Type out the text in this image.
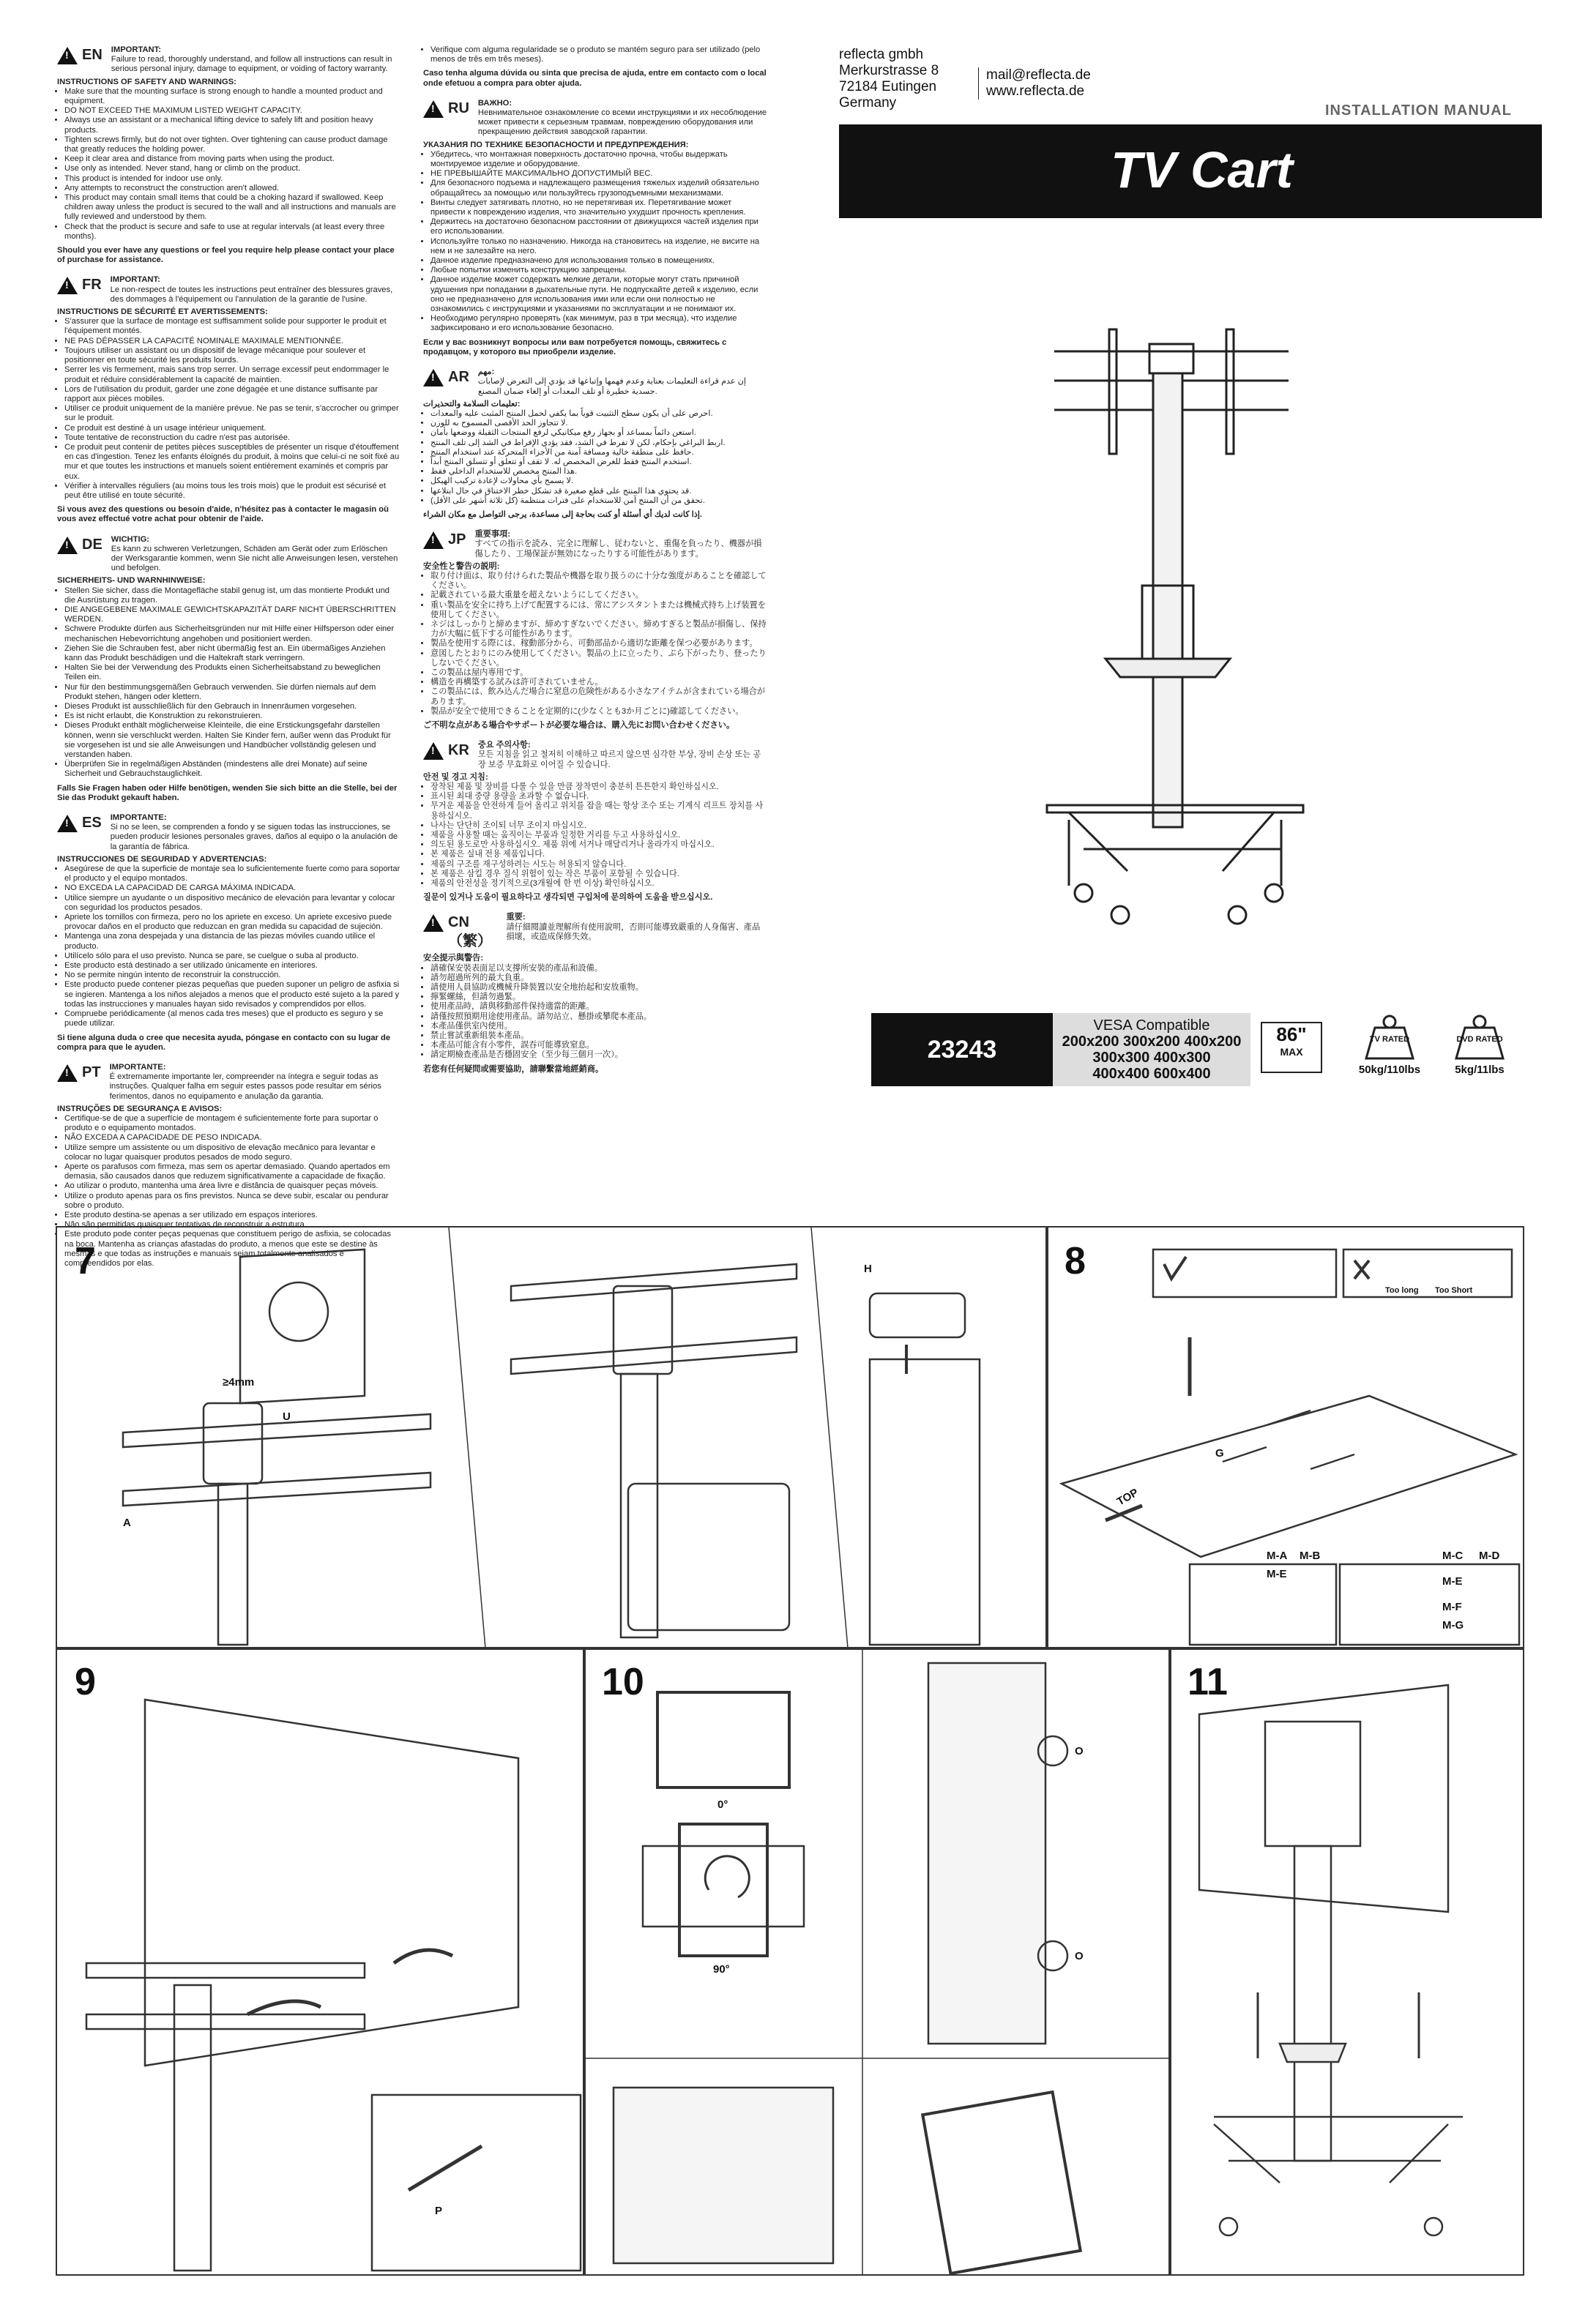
!
EN IMPORTANT:
Failure to read, thoroughly understand, and follow all instructions can result in serious personal injury, damage to equipment, or voiding of factory warranty.
INSTRUCTIONS OF SAFETY AND WARNINGS:
• Make sure that the mounting surface is strong enough to handle a mounted product and equipment.
• DO NOT EXCEED THE MAXIMUM LISTED WEIGHT CAPACITY.
• Always use an assistant or a mechanical lifting device to safely lift and position heavy products.
• Tighten screws firmly, but do not over tighten. Over tightening can cause product damage that greatly reduces the holding power.
• Keep it clear area and distance from moving parts when using the product.
• Use only as intended. Never stand, hang or climb on the product.
• This product is intended for indoor use only.
• Any attempts to reconstruct the construction aren't allowed.
• This product may contain small items that could be a choking hazard if swallowed. Keep children away unless the product is secured to the wall and all instructions and manuals are fully reviewed and understood by them.
• Check that the product is secure and safe to use at regular intervals (at least every three months).
Should you ever have any questions or feel you require help please contact your place of purchase for assistance.
!
FR IMPORTANT:
Le non-respect de toutes les instructions peut entraîner des blessures graves, des dommages à l'équipement ou l'annulation de la garantie de l'usine.
INSTRUCTIONS DE SÉCURITÉ ET AVERTISSEMENTS:
• S'assurer que la surface de montage est suffisamment solide pour supporter le produit et l'équipement montés.
• NE PAS DÉPASSER LA CAPACITÉ NOMINALE MAXIMALE MENTIONNÉE.
• Toujours utiliser un assistant ou un dispositif de levage mécanique pour soulever et positionner en toute sécurité les produits lourds.
• Serrer les vis fermement, mais sans trop serrer. Un serrage excessif peut endommager le produit et réduire considérablement la capacité de maintien.
• Lors de l'utilisation du produit, garder une zone dégagée et une distance suffisante par rapport aux pièces mobiles.
• Utiliser ce produit uniquement de la manière prévue. Ne pas se tenir, s'accrocher ou grimper sur le produit.
• Ce produit est destiné à un usage intérieur uniquement.
• Toute tentative de reconstruction du cadre n'est pas autorisée.
• Ce produit peut contenir de petites pièces susceptibles de présenter un risque d'étouffement en cas d'ingestion. Tenez les enfants éloignés du produit, à moins que celui-ci ne soit fixé au mur et que toutes les instructions et manuels soient entièrement examinés et compris par eux.
• Vérifier à intervalles réguliers (au moins tous les trois mois) que le produit est sécurisé et peut être utilisé en toute sécurité.
Si vous avez des questions ou besoin d'aide, n'hésitez pas à contacter le magasin où vous avez effectué votre achat pour obtenir de l'aide.
!
DE WICHTIG:
Es kann zu schweren Verletzungen, Schäden am Gerät oder zum Erlöschen der Werksgarantie kommen, wenn Sie nicht alle Anweisungen lesen, verstehen und befolgen.
SICHERHEITS- UND WARNHINWEISE:
• Stellen Sie sicher, dass die Montagefläche stabil genug ist, um das montierte Produkt und die Ausrüstung zu tragen.
• DIE ANGEGEBENE MAXIMALE GEWICHTSKAPAZITÄT DARF NICHT ÜBERSCHRITTEN WERDEN.
• Schwere Produkte dürfen aus Sicherheitsgründen nur mit Hilfe einer Hilfsperson oder einer mechanischen Hebevorrichtung angehoben und positioniert werden.
• Ziehen Sie die Schrauben fest, aber nicht übermäßig fest an. Ein übermäßiges Anziehen kann das Produkt beschädigen und die Haltekraft stark verringern.
• Halten Sie bei der Verwendung des Produkts einen Sicherheitsabstand zu beweglichen Teilen ein.
• Nur für den bestimmungsgemäßen Gebrauch verwenden. Sie dürfen niemals auf dem Produkt stehen, hängen oder klettern.
• Dieses Produkt ist ausschließlich für den Gebrauch in Innenräumen vorgesehen.
• Es ist nicht erlaubt, die Konstruktion zu rekonstruieren.
• Dieses Produkt enthält möglicherweise Kleinteile, die eine Erstickungsgefahr darstellen können, wenn sie verschluckt werden. Halten Sie Kinder fern, außer wenn das Produkt für sie vorgesehen ist und sie alle Anweisungen und Handbücher vollständig gelesen und verstanden haben.
• Überprüfen Sie in regelmäßigen Abständen (mindestens alle drei Monate) auf seine Sicherheit und Gebrauchstauglichkeit.
Falls Sie Fragen haben oder Hilfe benötigen, wenden Sie sich bitte an die Stelle, bei der Sie das Produkt gekauft haben.
!
ES IMPORTANTE:
Si no se leen, se comprenden a fondo y se siguen todas las instrucciones, se pueden producir lesiones personales graves, daños al equipo o la anulación de la garantía de fábrica.
INSTRUCCIONES DE SEGURIDAD Y ADVERTENCIAS:
• Asegúrese de que la superficie de montaje sea lo suficientemente fuerte como para soportar el producto y el equipo montados.
• NO EXCEDA LA CAPACIDAD DE CARGA MÁXIMA INDICADA.
• Utilice siempre un ayudante o un dispositivo mecánico de elevación para levantar y colocar con seguridad los productos pesados.
• Apriete los tornillos con firmeza, pero no los apriete en exceso. Un apriete excesivo puede provocar daños en el producto que reduzcan en gran medida su capacidad de sujeción.
• Mantenga una zona despejada y una distancia de las piezas móviles cuando utilice el producto.
• Utilícelo sólo para el uso previsto. Nunca se pare, se cuelgue o suba al producto.
• Este producto está destinado a ser utilizado únicamente en interiores.
• No se permite ningún intento de reconstruir la construcción.
• Este producto puede contener piezas pequeñas que pueden suponer un peligro de asfixia si se ingieren. Mantenga a los niños alejados a menos que el producto esté sujeto a la pared y todas las instrucciones y manuales hayan sido revisados y comprendidos por ellos.
• Compruebe periódicamente (al menos cada tres meses) que el producto es seguro y se puede utilizar.
Si tiene alguna duda o cree que necesita ayuda, póngase en contacto con su lugar de compra para que le ayuden.
!
PT IMPORTANTE:
É extremamente importante ler, compreender na íntegra e seguir todas as instruções. Qualquer falha em seguir estes passos pode resultar em sérios ferimentos, danos no equipamento e anulação da garantia.
INSTRUÇÕES DE SEGURANÇA E AVISOS:
• Certifique-se de que a superfície de montagem é suficientemente forte para suportar o produto e o equipamento montados.
• NÃO EXCEDA A CAPACIDADE DE PESO INDICADA.
• Utilize sempre um assistente ou um dispositivo de elevação mecânico para levantar e colocar no lugar quaisquer produtos pesados de modo seguro.
• Aperte os parafusos com firmeza, mas sem os apertar demasiado. Quando apertados em demasia, são causados danos que reduzem significativamente a capacidade de fixação.
• Ao utilizar o produto, mantenha uma área livre e distância de quaisquer peças móveis.
• Utilize o produto apenas para os fins previstos. Nunca se deve subir, escalar ou pendurar sobre o produto.
• Este produto destina-se apenas a ser utilizado em espaços interiores.
• Não são permitidas quaisquer tentativas de reconstruir a estrutura.
• Este produto pode conter peças pequenas que constituem perigo de asfixia, se colocadas na boca. Mantenha as crianças afastadas do produto, a menos que este se destine às mesmas e que todas as instruções e manuais sejam totalmente analisados e compreendidos por elas.
• Verifique com alguma regularidade se o produto se mantém seguro para ser utilizado (pelo menos de três em três meses).
Caso tenha alguma dúvida ou sinta que precisa de ajuda, entre em contacto com o local onde efetuou a compra para obter ajuda.
!
RU ВАЖНО:
Невнимательное ознакомление со всеми инструкциями и их несоблюдение может привести к серьезным травмам, повреждению оборудования или прекращению действия заводской гарантии.
УКАЗАНИЯ ПО ТЕХНИКЕ БЕЗОПАСНОСТИ И ПРЕДУПРЕЖДЕНИЯ:
• Убедитесь, что монтажная поверхность достаточно прочна, чтобы выдержать монтируемое изделие и оборудование.
• НЕ ПРЕВЫШАЙТЕ МАКСИМАЛЬНО ДОПУСТИМЫЙ ВЕС.
• Для безопасного подъема и надлежащего размещения тяжелых изделий обязательно обращайтесь за помощью или пользуйтесь грузоподъемными механизмами.
• Винты следует затягивать плотно, но не перетягивая их. Перетягивание может привести к повреждению изделия, что значительно ухудшит прочность крепления.
• Держитесь на достаточно безопасном расстоянии от движущихся частей изделия при его использовании.
• Используйте только по назначению. Никогда на становитесь на изделие, не висите на нем и не залезайте на него.
• Данное изделие предназначено для использования только в помещениях.
• Любые попытки изменить конструкцию запрещены.
• Данное изделие может содержать мелкие детали, которые могут стать причиной удушения при попадании в дыхательные пути. Не подпускайте детей к изделию, если оно не предназначено для использования ими или если они полностью не ознакомились с инструкциями и указаниями по эксплуатации и не понимают их.
• Необходимо регулярно проверять (как минимум, раз в три месяца), что изделие зафиксировано и его использование безопасно.
Если у вас возникнут вопросы или вам потребуется помощь, свяжитесь с продавцом, у которого вы приобрели изделие.
!
AR مهم:
إن عدم قراءة التعليمات بعناية وعدم فهمها وإتباعها قد يؤدي إلى التعرض لإصابات جسدية خطيرة أو تلف المعدات أو إلغاء ضمان المصنع.
تعليمات السلامة والتحذيرات:
• احرص على أن يكون سطح التثبيت قوياً بما يكفي لحمل المنتج المثبت عليه والمعدات.
• لا تتجاوز الحد الأقصى المسموح به للوزن.
• استعن دائماً بمساعد أو بجهاز رفع ميكانيكي لرفع المنتجات الثقيلة ووضعها بأمان.
• اربط البراغي بإحكام، لكن لا تفرط في الشد، فقد يؤدي الإفراط في الشد إلى تلف المنتج.
• حافظ على منطقة خالية ومسافة آمنة من الأجزاء المتحركة عند استخدام المنتج.
• استخدم المنتج فقط للغرض المخصص له. لا تقف أو تتعلق أو تتسلق المنتج أبداً.
• هذا المنتج مخصص للاستخدام الداخلي فقط.
• لا يسمح بأي محاولات لإعادة تركيب الهيكل.
• قد يحتوي هذا المنتج على قطع صغيرة قد تشكل خطر الاختناق في حال ابتلاعها.
• تحقق من أن المنتج آمن للاستخدام على فترات منتظمة (كل ثلاثة أشهر على الأقل).
إذا كانت لديك أي أسئلة أو كنت بحاجة إلى مساعدة، يرجى التواصل مع مكان الشراء.
!
JP 重要事項:
すべての指示を読み、完全に理解し、従わないと、重傷を負ったり、機器が損傷したり、工場保証が無効になったりする可能性があります。
安全性と警告の説明:
• 取り付け面は、取り付けられた製品や機器を取り扱うのに十分な強度があることを確認してください。
• 記載されている最大重量を超えないようにしてください。
• 重い製品を安全に持ち上げて配置するには、常にアシスタントまたは機械式持ち上げ装置を使用してください。
• ネジはしっかりと締めますが、締めすぎないでください。締めすぎると製品が損傷し、保持力が大幅に低下する可能性があります。
• 製品を使用する際には、稼動部分から、可動部品から適切な距離を保つ必要があります。
• 意図したとおりにのみ使用してください。製品の上に立ったり、ぶら下がったり、登ったりしないでください。
• この製品は屋内専用です。
• 構造を再構築する試みは許可されていません。
• この製品には、飲み込んだ場合に窒息の危険性がある小さなアイテムが含まれている場合があります。
• 製品が安全で使用できることを定期的に(少なくとも3か月ごとに)確認してください。
ご不明な点がある場合やサポートが必要な場合は、購入先にお問い合わせください。
!
KR 중요 주의사항:
모든 지침을 읽고 철저히 이해하고 따르지 않으면 심각한 부상, 장비 손상 또는 공장 보증 무효화로 이어질 수 있습니다.
안전 및 경고 지침:
• 장착된 제품 및 장비를 다룰 수 있을 만큼 장착면이 충분히 튼튼한지 확인하십시오.
• 표시된 최대 중량 용량을 초과할 수 없습니다.
• 무거운 제품을 안전하게 들어 올리고 위치를 잡을 때는 항상 조수 또는 기계식 리프트 장치를 사용하십시오.
• 나사는 단단히 조이되 너무 조이지 마십시오.
• 제품을 사용할 때는 움직이는 부품과 일정한 거리를 두고 사용하십시오.
• 의도된 용도로만 사용하십시오. 제품 위에 서거나 매달리거나 올라가지 마십시오.
• 본 제품은 실내 전용 제품입니다.
• 제품의 구조를 재구성하려는 시도는 허용되지 않습니다.
• 본 제품은 삼킬 경우 질식 위험이 있는 작은 부품이 포함될 수 있습니다.
• 제품의 안전성을 정기적으로(3개월에 한 번 이상) 확인하십시오.
질문이 있거나 도움이 필요하다고 생각되면 구입처에 문의하여 도움을 받으십시오.
!
CN（繁）
重要:
請仔細閱讀並理解所有使用說明，否則可能導致嚴重的人身傷害、產品損壞，或造成保修失效。
安全提示與警告:
• 請確保安裝表面足以支撐所安裝的產品和設備。
• 請勿超過所列的最大負重。
• 請使用人員協助或機械升降裝置以安全地抬起和安放重物。
• 擰緊螺絲，但請勿過緊。
• 使用產品時，請與移動部件保持適當的距離。
• 請僅按照預期用途使用產品。請勿站立、懸掛或攀爬本產品。
• 本產品僅供室內使用。
• 禁止嘗試重新組裝本產品。
• 本產品可能含有小零件，誤吞可能導致窒息。
• 請定期檢查產品是否穩固安全（至少每三個月一次）。
若您有任何疑問或需要協助，請聯繫當地經銷商。
reflecta gmbh
Merkurstrasse 8
72184 Eutingen
Germany
mail@reflecta.de
www.reflecta.de
INSTALLATION MANUAL
TV Cart
23243
VESA Compatible
200x200 300x200 400x200
300x300 400x300
400x400 600x400
86"
MAX
TV RATED
50kg/110lbs
DVD RATED
5kg/11lbs
7
≥4mm
U
A
H	8
Too long Too Short
TOP
G
M-A M-B
M-E
M-C M-D
M-E
M-F
M-G
9
P
10
0°
90°
O
O
11
